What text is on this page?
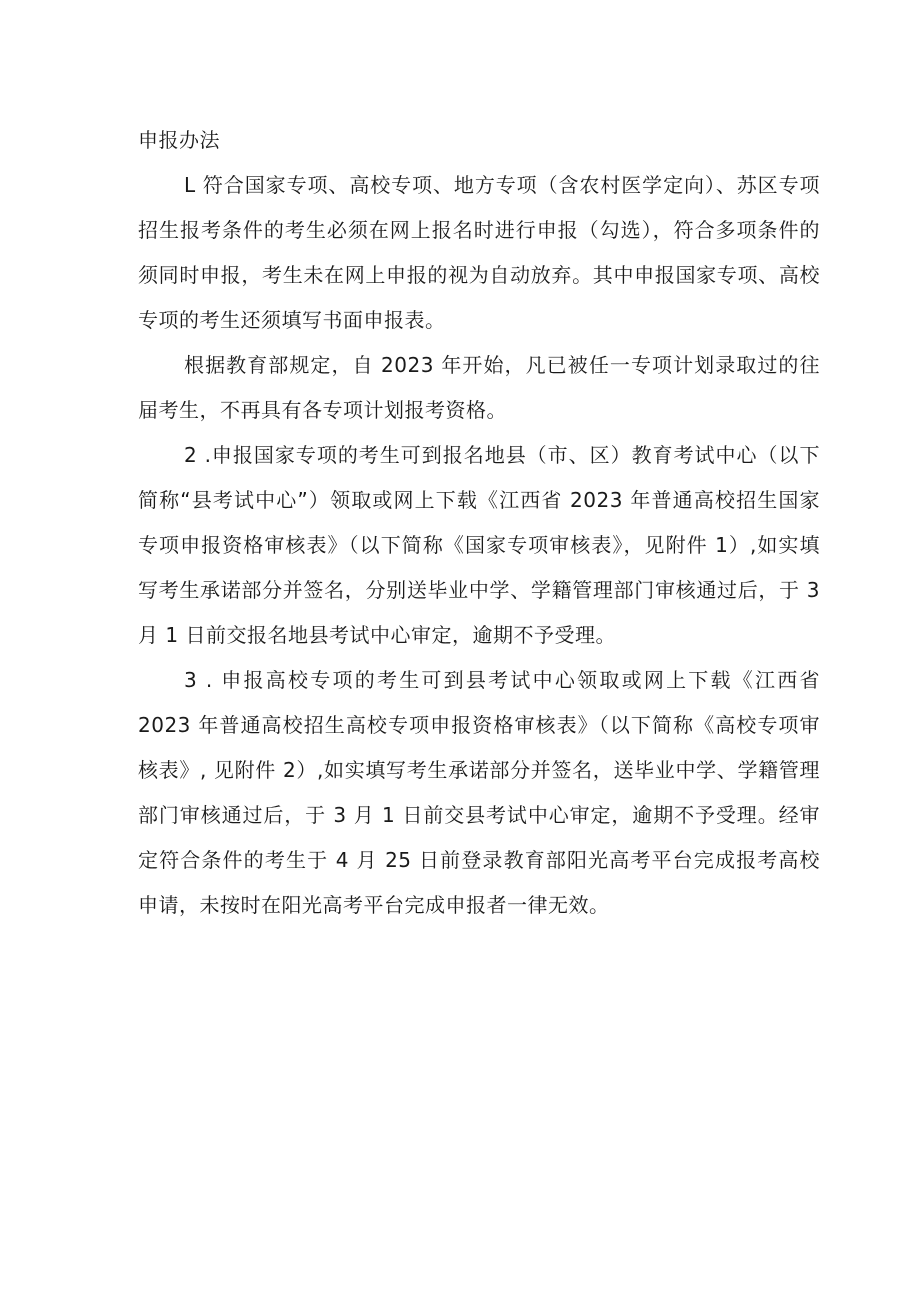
申报办法

L 符合国家专项、高校专项、地方专项（含农村医学定向）、苏区专项招生报考条件的考生必须在网上报名时进行申报（勾选），符合多项条件的须同时申报，考生未在网上申报的视为自动放弃。其中申报国家专项、高校专项的考生还须填写书面申报表。

根据教育部规定，自 2023 年开始，凡已被任一专项计划录取过的往届考生，不再具有各专项计划报考资格。

2 .申报国家专项的考生可到报名地县（市、区）教育考试中心（以下简称“县考试中心”）领取或网上下载《江西省 2023 年普通高校招生国家专项申报资格审核表》（以下简称《国家专项审核表》，见附件 1）,如实填写考生承诺部分并签名，分别送毕业中学、学籍管理部门审核通过后，于 3 月 1 日前交报名地县考试中心审定，逾期不予受理。

3 . 申报高校专项的考生可到县考试中心领取或网上下载《江西省 2023 年普通高校招生高校专项申报资格审核表》（以下简称《高校专项审核表》, 见附件 2）,如实填写考生承诺部分并签名，送毕业中学、学籍管理部门审核通过后，于 3 月 1 日前交县考试中心审定，逾期不予受理。经审定符合条件的考生于 4 月 25 日前登录教育部阳光高考平台完成报考高校申请，未按时在阳光高考平台完成申报者一律无效。
